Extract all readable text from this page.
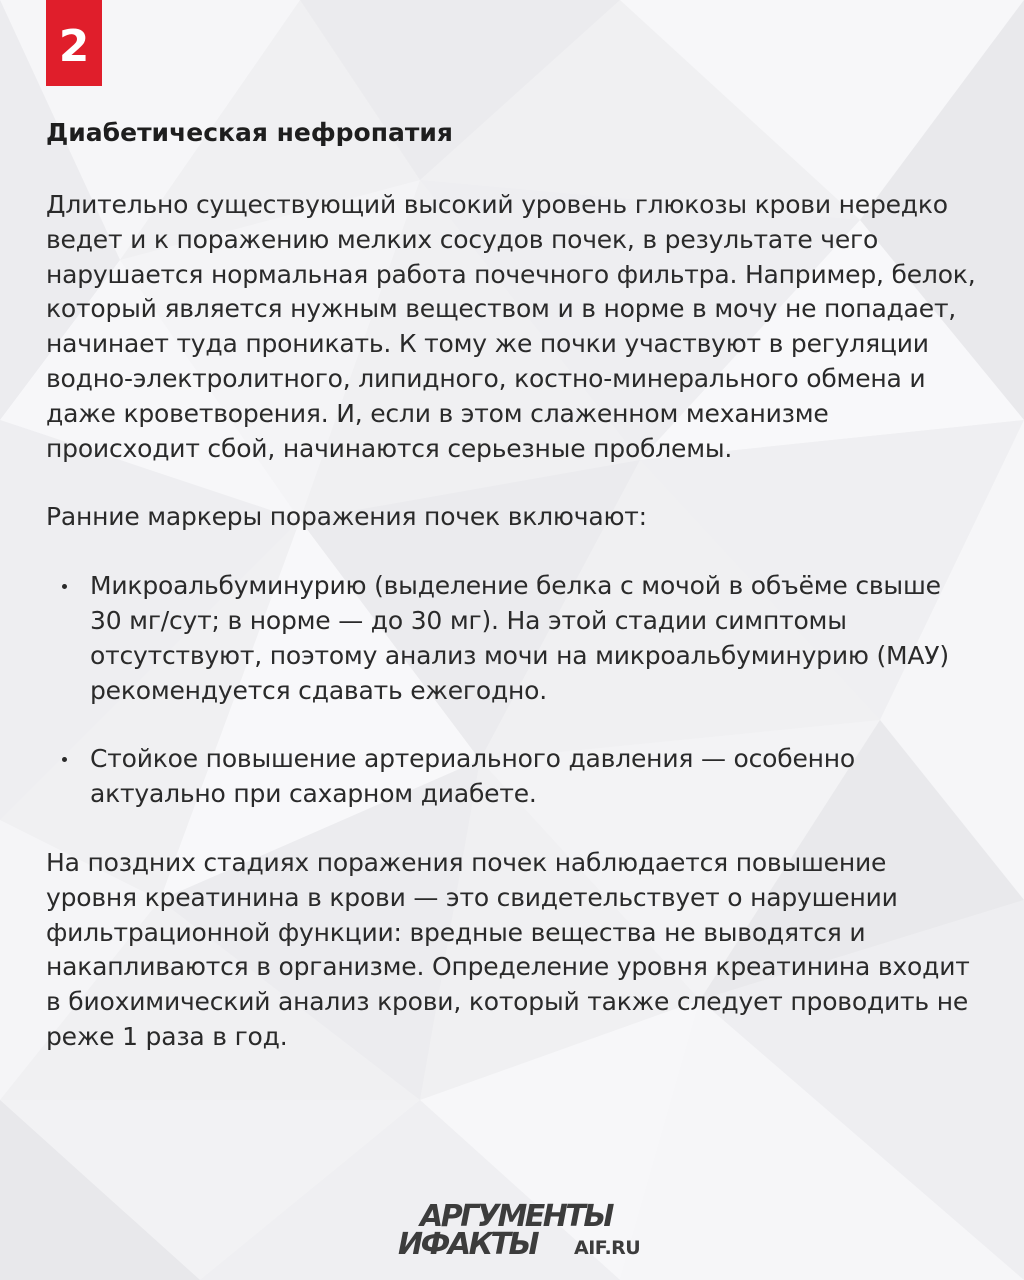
2
Диабетическая нефропатия

Длительно существующий высокий уровень глюкозы крови нередко ведет и к поражению мелких сосудов почек, в результате чего нарушается нормальная работа почечного фильтра. Например, белок, который является нужным веществом и в норме в мочу не попадает, начинает туда проникать. К тому же почки участвуют в регуляции водно-электролитного, липидного, костно-минерального обмена и даже кроветворения. И, если в этом слаженном механизме происходит сбой, начинаются серьезные проблемы.

Ранние маркеры поражения почек включают:

Микроальбуминурию (выделение белка с мочой в объёме свыше 30 мг/сут; в норме — до 30 мг). На этой стадии симптомы отсутствуют, поэтому анализ мочи на микроальбуминурию (МАУ) рекомендуется сдавать ежегодно.
Стойкое повышение артериального давления — особенно актуально при сахарном диабете.

На поздних стадиях поражения почек наблюдается повышение уровня креатинина в крови — это свидетельствует о нарушении фильтрационной функции: вредные вещества не выводятся и накапливаются в организме. Определение уровня креатинина входит в биохимический анализ крови, который также следует проводить не реже 1 раза в год.

АРГУМЕНТЫ
ИФАКТЫ AIF.RU
